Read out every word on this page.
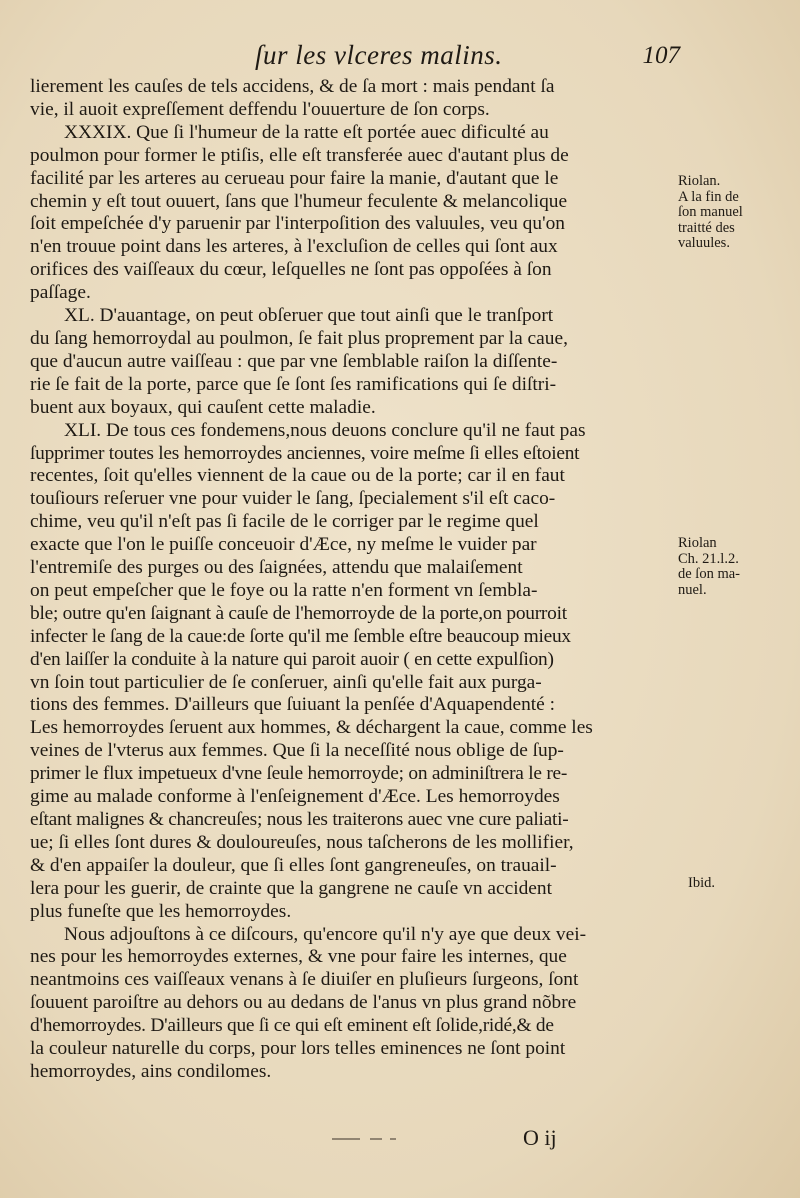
ſur les vlceres malins.	107
lierement les cauſes de tels accidens, & de ſa mort : mais pendant ſa
vie, il auoit expreſſement deffendu l'ouuerture de ſon corps.
XXXIX. Que ſi l'humeur de la ratte eſt portée auec dificulté au
poulmon pour former le ptiſis, elle eſt transferée auec d'autant plus de
facilité par les arteres au cerueau pour faire la manie, d'autant que le
chemin y eſt tout ouuert, ſans que l'humeur feculente & melancolique
ſoit empeſchée d'y paruenir par l'interpoſition des valuules, veu qu'on
n'en trouue point dans les arteres, à l'excluſion de celles qui ſont aux
orifices des vaiſſeaux du cœur, leſquelles ne ſont pas oppoſées à ſon
paſſage.
XL. D'auantage, on peut obſeruer que tout ainſi que le tranſport
du ſang hemorroydal au poulmon, ſe fait plus proprement par la caue,
que d'aucun autre vaiſſeau : que par vne ſemblable raiſon la diſſente-
rie ſe fait de la porte, parce que ſe ſont ſes ramifications qui ſe diſtri-
buent aux boyaux, qui cauſent cette maladie.
XLI. De tous ces fondemens,nous deuons conclure qu'il ne faut pas
ſupprimer toutes les hemorroydes anciennes, voire meſme ſi elles eſtoient
recentes, ſoit qu'elles viennent de la caue ou de la porte; car il en faut
touſiours reſeruer vne pour vuider le ſang, ſpecialement s'il eſt caco-
chime, veu qu'il n'eſt pas ſi facile de le corriger par le regime quel
exacte que l'on le puiſſe conceuoir d'Æce, ny meſme le vuider par
l'entremiſe des purges ou des ſaignées, attendu que malaiſement
on peut empeſcher que le foye ou la ratte n'en forment vn ſembla-
ble; outre qu'en ſaignant à cauſe de l'hemorroyde de la porte,on pourroit
infecter le ſang de la caue:de ſorte qu'il me ſemble eſtre beaucoup mieux
d'en laiſſer la conduite à la nature qui paroit auoir ( en cette expulſion)
vn ſoin tout particulier de ſe conſeruer, ainſi qu'elle fait aux purga-
tions des femmes. D'ailleurs que ſuiuant la penſée d'Aquapendenté :
Les hemorroydes ſeruent aux hommes, & déchargent la caue, comme les
veines de l'vterus aux femmes. Que ſi la neceſſité nous oblige de ſup-
primer le flux impetueux d'vne ſeule hemorroyde; on adminiſtrera le re-
gime au malade conforme à l'enſeignement d'Æce. Les hemorroydes
eſtant malignes & chancreuſes; nous les traiterons auec vne cure paliati-
ue; ſi elles ſont dures & douloureuſes, nous taſcherons de les mollifier,
& d'en appaiſer la douleur, que ſi elles ſont gangreneuſes, on trauail-
lera pour les guerir, de crainte que la gangrene ne cauſe vn accident
plus funeſte que les hemorroydes.
Nous adjouſtons à ce diſcours, qu'encore qu'il n'y aye que deux vei-
nes pour les hemorroydes externes, & vne pour faire les internes, que
neantmoins ces vaiſſeaux venans à ſe diuiſer en pluſieurs ſurgeons, ſont
ſouuent paroiſtre au dehors ou au dedans de l'anus vn plus grand nõbre
d'hemorroydes. D'ailleurs que ſi ce qui eſt eminent eſt ſolide,ridé,& de
la couleur naturelle du corps, pour lors telles eminences ne ſont point
hemorroydes, ains condilomes.
Riolan.
A la fin de
ſon manuel
traitté des
valuules.
Riolan
Ch. 21.l.2.
de ſon ma-
nuel.
Ibid.
O ij
